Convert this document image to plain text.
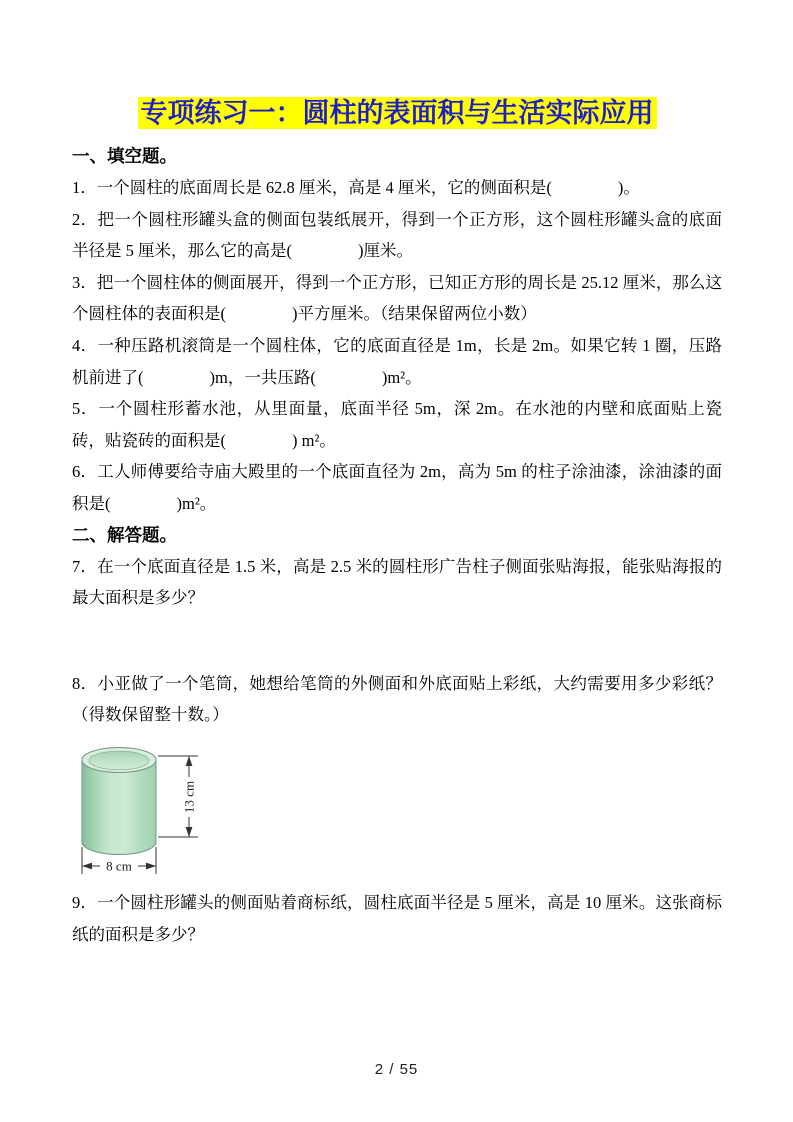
专项练习一：圆柱的表面积与生活实际应用

一、填空题。

1．一个圆柱的底面周长是 62.8 厘米，高是 4 厘米，它的侧面积是(　　　　)。

2．把一个圆柱形罐头盒的侧面包装纸展开，得到一个正方形，这个圆柱形罐头盒的底面半径是 5 厘米，那么它的高是(　　　　)厘米。

3．把一个圆柱体的侧面展开，得到一个正方形，已知正方形的周长是 25.12 厘米，那么这个圆柱体的表面积是(　　　　)平方厘米。（结果保留两位小数）

4．一种压路机滚筒是一个圆柱体，它的底面直径是 1m，长是 2m。如果它转 1 圈，压路机前进了(　　　　)m，一共压路(　　　　)m²。

5．一个圆柱形蓄水池，从里面量，底面半径 5m，深 2m。在水池的内壁和底面贴上瓷砖，贴瓷砖的面积是(　　　　) m²。

6．工人师傅要给寺庙大殿里的一个底面直径为 2m，高为 5m 的柱子涂油漆，涂油漆的面积是(　　　　)m²。

二、解答题。

7．在一个底面直径是 1.5 米，高是 2.5 米的圆柱形广告柱子侧面张贴海报，能张贴海报的最大面积是多少？

8．小亚做了一个笔筒，她想给笔筒的外侧面和外底面贴上彩纸，大约需要用多少彩纸？（得数保留整十数。）

13 cm
8 cm

9．一个圆柱形罐头的侧面贴着商标纸，圆柱底面半径是 5 厘米，高是 10 厘米。这张商标纸的面积是多少？

2 / 55
